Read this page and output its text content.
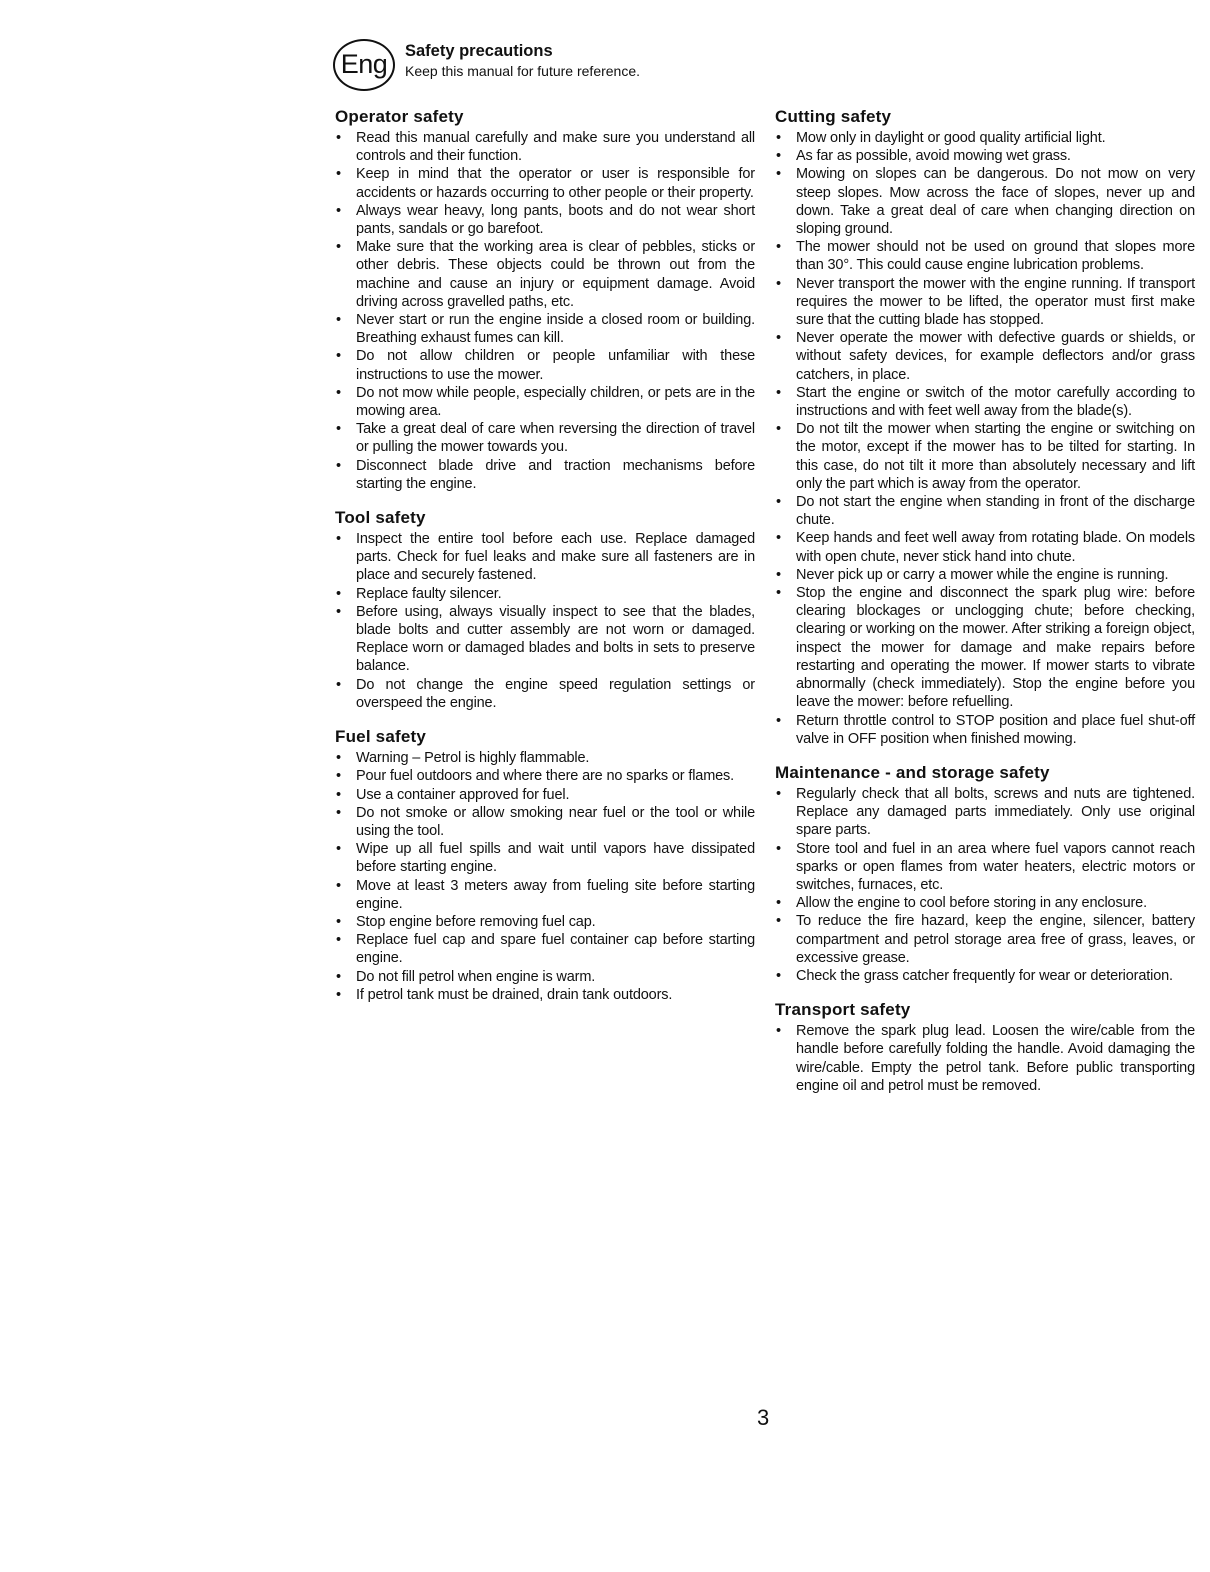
Eng	Safety precautions
Keep this manual for future reference.
Operator safety
• Read this manual carefully and make sure you understand all controls and their function.
• Keep in mind that the operator or user is responsible for accidents or hazards occurring to other people or their property.
• Always wear heavy, long pants, boots and do not wear short pants, sandals or go barefoot.
• Make sure that the working area is clear of pebbles, sticks or other debris. These objects could be thrown out from the machine and cause an injury or equipment damage. Avoid driving across gravelled paths, etc.
• Never start or run the engine inside a closed room or building. Breathing exhaust fumes can kill.
• Do not allow children or people unfamiliar with these instructions to use the mower.
• Do not mow while people, especially children, or pets are in the mowing area.
• Take a great deal of care when reversing the direction of travel or pulling the mower towards you.
• Disconnect blade drive and traction mechanisms before starting the engine.
Tool safety
• Inspect the entire tool before each use. Replace damaged parts. Check for fuel leaks and make sure all fasteners are in place and securely fastened.
• Replace faulty silencer.
• Before using, always visually inspect to see that the blades, blade bolts and cutter assembly are not worn or damaged. Replace worn or damaged blades and bolts in sets to preserve balance.
• Do not change the engine speed regulation settings or overspeed the engine.
Fuel safety
• Warning – Petrol is highly flammable.
• Pour fuel outdoors and where there are no sparks or flames.
• Use a container approved for fuel.
• Do not smoke or allow smoking near fuel or the tool or while using the tool.
• Wipe up all fuel spills and wait until vapors have dissipated before starting engine.
• Move at least 3 meters away from fueling site before starting engine.
• Stop engine before removing fuel cap.
• Replace fuel cap and spare fuel container cap before starting engine.
• Do not fill petrol when engine is warm.
• If petrol tank must be drained, drain tank outdoors.
Cutting safety
• Mow only in daylight or good quality artificial light.
• As far as possible, avoid mowing wet grass.
• Mowing on slopes can be dangerous. Do not mow on very steep slopes. Mow across the face of slopes, never up and down. Take a great deal of care when changing direction on sloping ground.
• The mower should not be used on ground that slopes more than 30°. This could cause engine lubrication problems.
• Never transport the mower with the engine running. If transport requires the mower to be lifted, the operator must first make sure that the cutting blade has stopped.
• Never operate the mower with defective guards or shields, or without safety devices, for example deflectors and/or grass catchers, in place.
• Start the engine or switch of the motor carefully according to instructions and with feet well away from the blade(s).
• Do not tilt the mower when starting the engine or switching on the motor, except if the mower has to be tilted for starting. In this case, do not tilt it more than absolutely necessary and lift only the part which is away from the operator.
• Do not start the engine when standing in front of the discharge chute.
• Keep hands and feet well away from rotating blade. On models with open chute, never stick hand into chute.
• Never pick up or carry a mower while the engine is running.
• Stop the engine and disconnect the spark plug wire: before clearing blockages or unclogging chute; before checking, clearing or working on the mower. After striking a foreign object, inspect the mower for damage and make repairs before restarting and operating the mower. If mower starts to vibrate abnormally (check immediately). Stop the engine before you leave the mower: before refuelling.
• Return throttle control to STOP position and place fuel shut-off valve in OFF position when finished mowing.
Maintenance - and storage safety
• Regularly check that all bolts, screws and nuts are tightened. Replace any damaged parts immediately. Only use original spare parts.
• Store tool and fuel in an area where fuel vapors cannot reach sparks or open flames from water heaters, electric motors or switches, furnaces, etc.
• Allow the engine to cool before storing in any enclosure.
• To reduce the fire hazard, keep the engine, silencer, battery compartment and petrol storage area free of grass, leaves, or excessive grease.
• Check the grass catcher frequently for wear or deterioration.
Transport safety
• Remove the spark plug lead. Loosen the wire/cable from the handle before carefully folding the handle. Avoid damaging the wire/cable. Empty the petrol tank. Before public transporting engine oil and petrol must be removed.
3
